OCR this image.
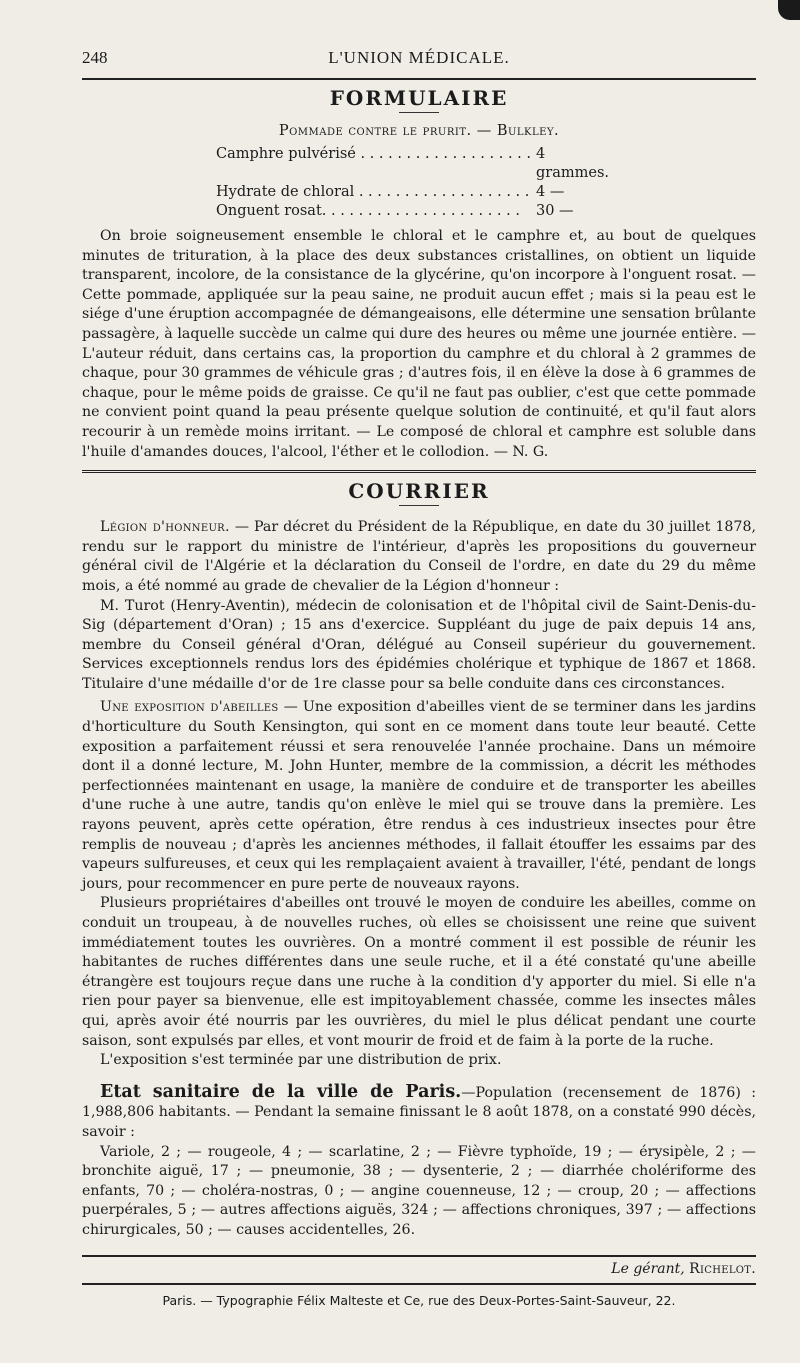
248	L'UNION MÉDICALE.
FORMULAIRE
Pommade contre le prurit. — Bulkley.
Camphre pulvérisé . . .	4 grammes.
Hydrate de chloral . . .	4 —
Onguent rosat. . . .	30 —

On broie soigneusement ensemble le chloral et le camphre et, au bout de quelques minutes de trituration, à la place des deux substances cristallines, on obtient un liquide transparent, incolore, de la consistance de la glycérine, qu'on incorpore à l'onguent rosat. — Cette pommade, appliquée sur la peau saine, ne produit aucun effet ; mais si la peau est le siége d'une éruption accompagnée de démangeaisons, elle détermine une sensation brûlante passagère, à laquelle succède un calme qui dure des heures ou même une journée entière. — L'auteur réduit, dans certains cas, la proportion du camphre et du chloral à 2 grammes de chaque, pour 30 grammes de véhicule gras ; d'autres fois, il en élève la dose à 6 grammes de chaque, pour le même poids de graisse. Ce qu'il ne faut pas oublier, c'est que cette pommade ne convient point quand la peau présente quelque solution de continuité, et qu'il faut alors recourir à un remède moins irritant. — Le composé de chloral et camphre est soluble dans l'huile d'amandes douces, l'alcool, l'éther et le collodion. — N. G.

COURRIER

Légion d'honneur. — Par décret du Président de la République, en date du 30 juillet 1878, rendu sur le rapport du ministre de l'intérieur, d'après les propositions du gouverneur général civil de l'Algérie et la déclaration du Conseil de l'ordre, en date du 29 du même mois, a été nommé au grade de chevalier de la Légion d'honneur :

M. Turot (Henry-Aventin), médecin de colonisation et de l'hôpital civil de Saint-Denis-du-Sig (département d'Oran) ; 15 ans d'exercice. Suppléant du juge de paix depuis 14 ans, membre du Conseil général d'Oran, délégué au Conseil supérieur du gouvernement. Services exceptionnels rendus lors des épidémies cholérique et typhique de 1867 et 1868. Titulaire d'une médaille d'or de 1re classe pour sa belle conduite dans ces circonstances.

Une exposition d'abeilles — Une exposition d'abeilles vient de se terminer dans les jardins d'horticulture du South Kensington, qui sont en ce moment dans toute leur beauté. Cette exposition a parfaitement réussi et sera renouvelée l'année prochaine. Dans un mémoire dont il a donné lecture, M. John Hunter, membre de la commission, a décrit les méthodes perfectionnées maintenant en usage, la manière de conduire et de transporter les abeilles d'une ruche à une autre, tandis qu'on enlève le miel qui se trouve dans la première. Les rayons peuvent, après cette opération, être rendus à ces industrieux insectes pour être remplis de nouveau ; d'après les anciennes méthodes, il fallait étouffer les essaims par des vapeurs sulfureuses, et ceux qui les remplaçaient avaient à travailler, l'été, pendant de longs jours, pour recommencer en pure perte de nouveaux rayons.

Plusieurs propriétaires d'abeilles ont trouvé le moyen de conduire les abeilles, comme on conduit un troupeau, à de nouvelles ruches, où elles se choisissent une reine que suivent immédiatement toutes les ouvrières. On a montré comment il est possible de réunir les habitantes de ruches différentes dans une seule ruche, et il a été constaté qu'une abeille étrangère est toujours reçue dans une ruche à la condition d'y apporter du miel. Si elle n'a rien pour payer sa bienvenue, elle est impitoyablement chassée, comme les insectes mâles qui, après avoir été nourris par les ouvrières, du miel le plus délicat pendant une courte saison, sont expulsés par elles, et vont mourir de froid et de faim à la porte de la ruche.

L'exposition s'est terminée par une distribution de prix.

Etat sanitaire de la ville de Paris.—Population (recensement de 1876) : 1,988,806 habitants. — Pendant la semaine finissant le 8 août 1878, on a constaté 990 décès, savoir :

Variole, 2 ; — rougeole, 4 ; — scarlatine, 2 ; — Fièvre typhoïde, 19 ; — érysipèle, 2 ; — bronchite aiguë, 17 ; — pneumonie, 38 ; — dysenterie, 2 ; — diarrhée cholériforme des enfants, 70 ; — choléra-nostras, 0 ; — angine couenneuse, 12 ; — croup, 20 ; — affections puerpérales, 5 ; — autres affections aiguës, 324 ; — affections chroniques, 397 ; — affections chirurgicales, 50 ; — causes accidentelles, 26.

Le gérant, Richelot.
Paris. — Typographie Félix Malteste et Ce, rue des Deux-Portes-Saint-Sauveur, 22.
